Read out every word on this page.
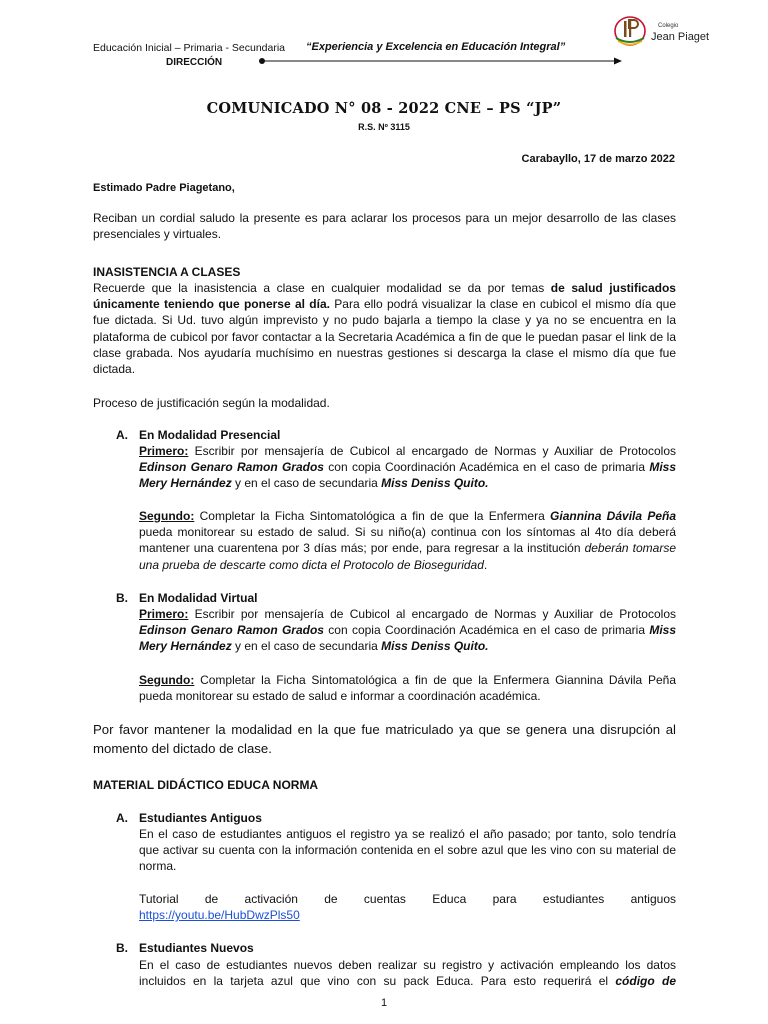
Educación Inicial – Primaria - Secundaria “Experiencia y Excelencia en Educación Integral”
DIRECCIÓN
Colegio
Jean Piaget
COMUNICADO N° 08 - 2022 CNE – PS “JP”
R.S. Nº 3115
Carabayllo, 17 de marzo 2022
Estimado Padre Piagetano,

Reciban un cordial saludo la presente es para aclarar los procesos para un mejor desarrollo de las clases presenciales y virtuales.

INASISTENCIA A CLASES

Recuerde que la inasistencia a clase en cualquier modalidad se da por temas de salud justificados únicamente teniendo que ponerse al día. Para ello podrá visualizar la clase en cubicol el mismo día que fue dictada. Si Ud. tuvo algún imprevisto y no pudo bajarla a tiempo la clase y ya no se encuentra en la plataforma de cubicol por favor contactar a la Secretaria Académica a fin de que le puedan pasar el link de la clase grabada. Nos ayudaría muchísimo en nuestras gestiones si descarga la clase el mismo día que fue dictada.

Proceso de justificación según la modalidad.

A. En Modalidad Presencial

Primero: Escribir por mensajería de Cubicol al encargado de Normas y Auxiliar de Protocolos Edinson Genaro Ramon Grados con copia Coordinación Académica en el caso de primaria Miss Mery Hernández y en el caso de secundaria Miss Deniss Quito.

Segundo: Completar la Ficha Sintomatológica a fin de que la Enfermera Giannina Dávila Peña pueda monitorear su estado de salud. Si su niño(a) continua con los síntomas al 4to día deberá mantener una cuarentena por 3 días más; por ende, para regresar a la institución deberán tomarse una prueba de descarte como dicta el Protocolo de Bioseguridad.

B. En Modalidad Virtual

Primero: Escribir por mensajería de Cubicol al encargado de Normas y Auxiliar de Protocolos Edinson Genaro Ramon Grados con copia Coordinación Académica en el caso de primaria Miss Mery Hernández y en el caso de secundaria Miss Deniss Quito.

Segundo: Completar la Ficha Sintomatológica a fin de que la Enfermera Giannina Dávila Peña pueda monitorear su estado de salud e informar a coordinación académica.

Por favor mantener la modalidad en la que fue matriculado ya que se genera una disrupción al momento del dictado de clase.

MATERIAL DIDÁCTICO EDUCA NORMA

A. Estudiantes Antiguos

En el caso de estudiantes antiguos el registro ya se realizó el año pasado; por tanto, solo tendría que activar su cuenta con la información contenida en el sobre azul que les vino con su material de norma.

Tutorial de activación de cuentas Educa para estudiantes antiguos

https://youtu.be/HubDwzPls50

B. Estudiantes Nuevos

En el caso de estudiantes nuevos deben realizar su registro y activación empleando los datos incluidos en la tarjeta azul que vino con su pack Educa. Para esto requerirá el código de

1
